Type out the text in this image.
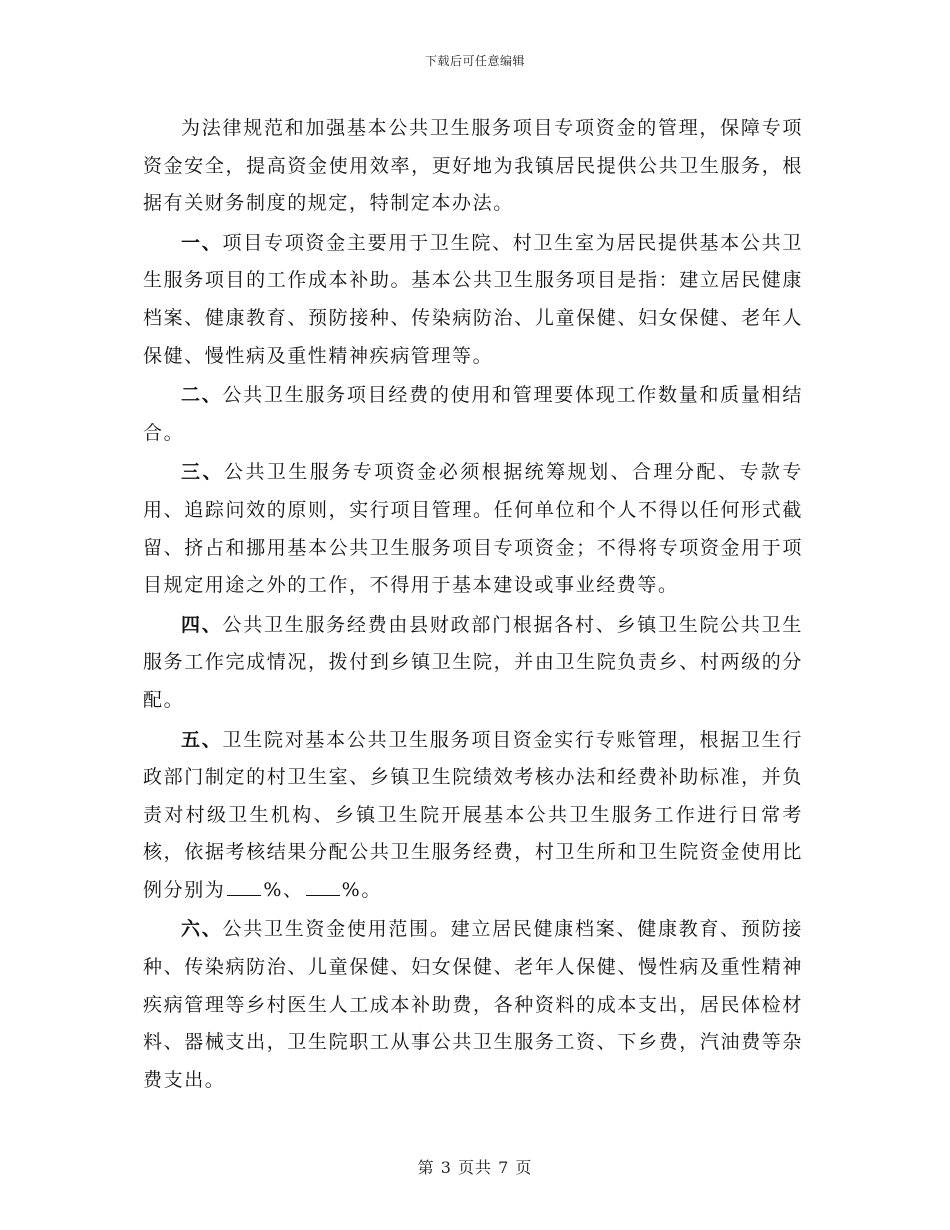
下载后可任意编辑

为法律规范和加强基本公共卫生服务项目专项资金的管理，保障专项资金安全，提高资金使用效率，更好地为我镇居民提供公共卫生服务，根据有关财务制度的规定，特制定本办法。

一、项目专项资金主要用于卫生院、村卫生室为居民提供基本公共卫生服务项目的工作成本补助。基本公共卫生服务项目是指：建立居民健康档案、健康教育、预防接种、传染病防治、儿童保健、妇女保健、老年人保健、慢性病及重性精神疾病管理等。

二、公共卫生服务项目经费的使用和管理要体现工作数量和质量相结合。

三、公共卫生服务专项资金必须根据统筹规划、合理分配、专款专用、追踪问效的原则，实行项目管理。任何单位和个人不得以任何形式截留、挤占和挪用基本公共卫生服务项目专项资金；不得将专项资金用于项目规定用途之外的工作，不得用于基本建设或事业经费等。

四、公共卫生服务经费由县财政部门根据各村、乡镇卫生院公共卫生服务工作完成情况，拨付到乡镇卫生院，并由卫生院负责乡、村两级的分配。

五、卫生院对基本公共卫生服务项目资金实行专账管理，根据卫生行政部门制定的村卫生室、乡镇卫生院绩效考核办法和经费补助标准，并负责对村级卫生机构、乡镇卫生院开展基本公共卫生服务工作进行日常考核，依据考核结果分配公共卫生服务经费，村卫生所和卫生院资金使用比例分别为 %、 %。

六、公共卫生资金使用范围。建立居民健康档案、健康教育、预防接种、传染病防治、儿童保健、妇女保健、老年人保健、慢性病及重性精神疾病管理等乡村医生人工成本补助费，各种资料的成本支出，居民体检材料、器械支出，卫生院职工从事公共卫生服务工资、下乡费，汽油费等杂费支出。

第 3 页共 7 页
